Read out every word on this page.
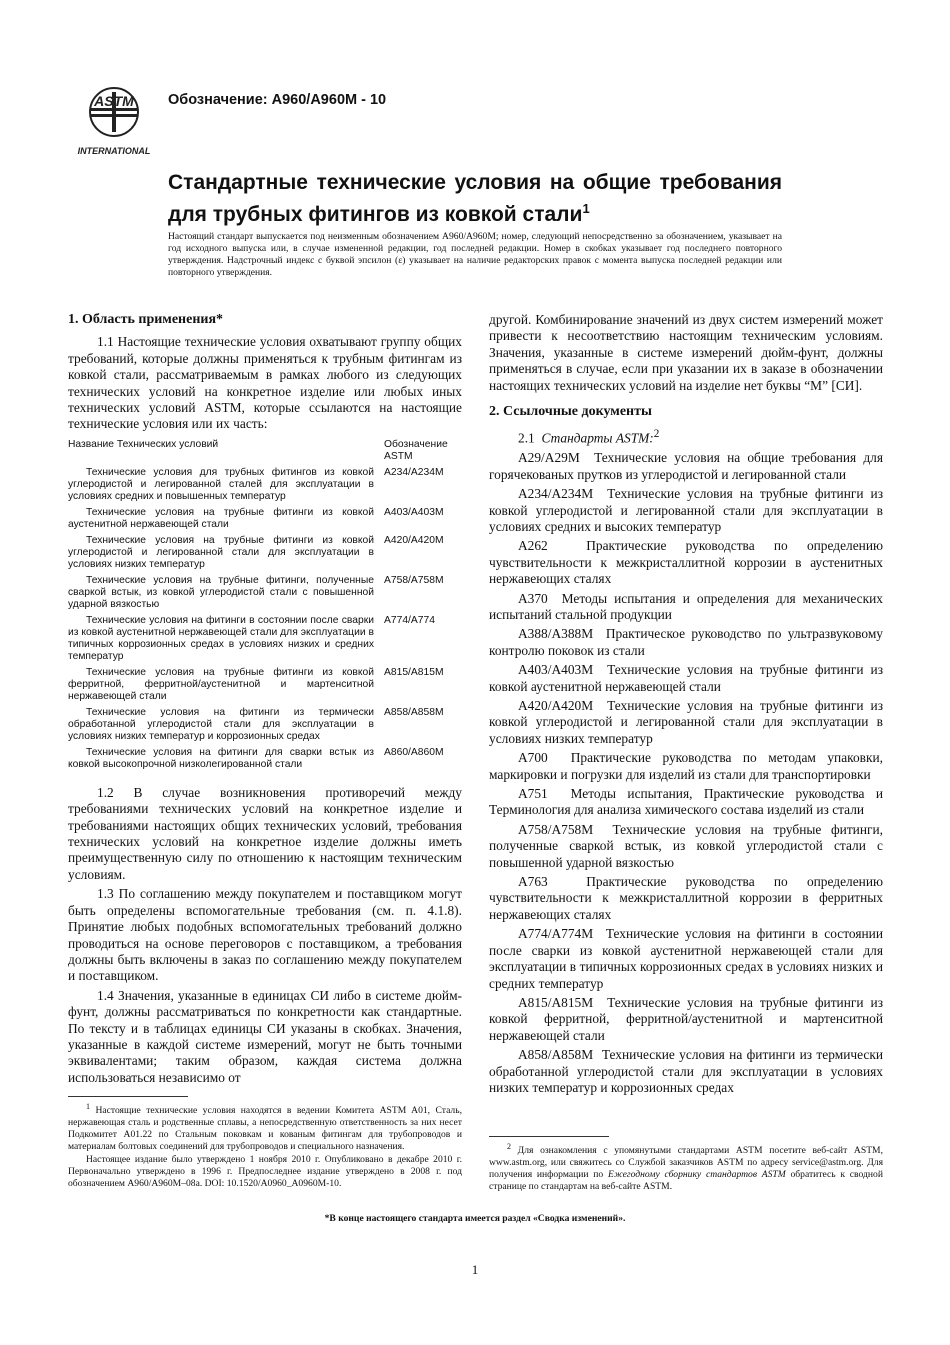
ASTM
INTERNATIONAL
Обозначение: A960/A960M - 10
Стандартные технические условия на общие требования для трубных фитингов из ковкой стали$^1$
Настоящий стандарт выпускается под неизменным обозначением A960/A960M; номер, следующий непосредственно за обозначением, указывает на год исходного выпуска или, в случае измененной редакции, год последней редакции. Номер в скобках указывает год последнего повторного утверждения. Надстрочный индекс с буквой эпсилон (ε) указывает на наличие редакторских правок с момента выпуска последней редакции или повторного утверждения.
1. Область применения*

1.1 Настоящие технические условия охватывают группу общих требований, которые должны применяться к трубным фитингам из ковкой стали, рассматриваемым в рамках любого из следующих технических условий на конкретное изделие или любых иных технических условий ASTM, которые ссылаются на настоящие технические условия или их часть:

Название Технических условий	Обозначение ASTM
Технические условия для трубных фитингов из ковкой углеродистой и легированной сталей для эксплуатации в условиях средних и повышенных температур	A234/A234M
Технические условия на трубные фитинги из ковкой аустенитной нержавеющей стали	A403/A403M
Технические условия на трубные фитинги из ковкой углеродистой и легированной стали для эксплуатации в условиях низких температур	A420/A420M
Технические условия на трубные фитинги, полученные сваркой встык, из ковкой углеродистой стали с повышенной ударной вязкостью	A758/A758M
Технические условия на фитинги в состоянии после сварки из ковкой аустенитной нержавеющей стали для эксплуатации в типичных коррозионных средах в условиях низких и средних температур	A774/A774
Технические условия на трубные фитинги из ковкой ферритной, ферритной/аустенитной и мартенситной нержавеющей стали	A815/A815M
Технические условия на фитинги из термически обработанной углеродистой стали для эксплуатации в условиях низких температур и коррозионных средах	A858/A858M
Технические условия на фитинги для сварки встык из ковкой высокопрочной низколегированной стали	A860/A860M

1.2 В случае возникновения противоречий между требованиями технических условий на конкретное изделие и требованиями настоящих общих технических условий, требования технических условий на конкретное изделие должны иметь преимущественную силу по отношению к настоящим техническим условиям.

1.3 По соглашению между покупателем и поставщиком могут быть определены вспомогательные требования (см. п. 4.1.8). Принятие любых подобных вспомогательных требований должно проводиться на основе переговоров с поставщиком, а требования должны быть включены в заказ по соглашению между покупателем и поставщиком.

1.4 Значения, указанные в единицах СИ либо в системе дюйм-фунт, должны рассматриваться по конкретности как стандартные. По тексту и в таблицах единицы СИ указаны в скобках. Значения, указанные в каждой системе измерений, могут не быть точными эквивалентами; таким образом, каждая система должна использоваться независимо от

$^1$ Настоящие технические условия находятся в ведении Комитета ASTM A01, Сталь, нержавеющая сталь и родственные сплавы, а непосредственную ответственность за них несет Подкомитет A01.22 по Стальным поковкам и кованым фитингам для трубопроводов и материалам болтовых соединений для трубопроводов и специального назначения.
Настоящее издание было утверждено 1 ноября 2010 г. Опубликовано в декабре 2010 г. Первоначально утверждено в 1996 г. Предпоследнее издание утверждено в 2008 г. под обозначением A960/A960M–08a. DOI: 10.1520/A0960_A0960M-10.

другой. Комбинирование значений из двух систем измерений может привести к несоответствию настоящим техническим условиям. Значения, указанные в системе измерений дюйм-фунт, должны применяться в случае, если при указании их в заказе в обозначении настоящих технических условий на изделие нет буквы “M” [СИ].

2. Ссылочные документы

2.1 Стандарты ASTM:$^2$

A29/A29M Технические условия на общие требования для горячекованых прутков из углеродистой и легированной стали
A234/A234M Технические условия на трубные фитинги из ковкой углеродистой и легированной стали для эксплуатации в условиях средних и высоких температур
A262	Практические руководства по определению чувствительности к межкристаллитной коррозии в аустенитных нержавеющих сталях
A370 Методы испытания и определения для механических испытаний стальной продукции
A388/A388M Практическое руководство по ультразвуковому контролю поковок из стали
A403/A403M Технические условия на трубные фитинги из ковкой аустенитной нержавеющей стали
A420/A420M Технические условия на трубные фитинги из ковкой углеродистой и легированной стали для эксплуатации в условиях низких температур
A700 Практические руководства по методам упаковки, маркировки и погрузки для изделий из стали для транспортировки
A751 Методы испытания, Практические руководства и Терминология для анализа химического состава изделий из стали
A758/A758M Технические условия на трубные фитинги, полученные сваркой встык, из ковкой углеродистой стали с повышенной ударной вязкостью
A763	Практические руководства по определению чувствительности к межкристаллитной коррозии в ферритных нержавеющих сталях
A774/A774M Технические условия на фитинги в состоянии после сварки из ковкой аустенитной нержавеющей стали для эксплуатации в типичных коррозионных средах в условиях низких и средних температур
A815/A815M Технические условия на трубные фитинги из ковкой ферритной, ферритной/аустенитной и мартенситной нержавеющей стали
A858/A858M Технические условия на фитинги из термически обработанной углеродистой стали для эксплуатации в условиях низких температур и коррозионных средах
$^2$ Для ознакомления с упомянутыми стандартами ASTM посетите веб-сайт ASTM, www.astm.org, или свяжитесь со Службой заказчиков ASTM по адресу service@astm.org. Для получения информации по Ежегодному сборнику стандартов ASTM обратитесь к сводной странице по стандартам на веб-сайте ASTM.
*В конце настоящего стандарта имеется раздел «Сводка изменений».
1
